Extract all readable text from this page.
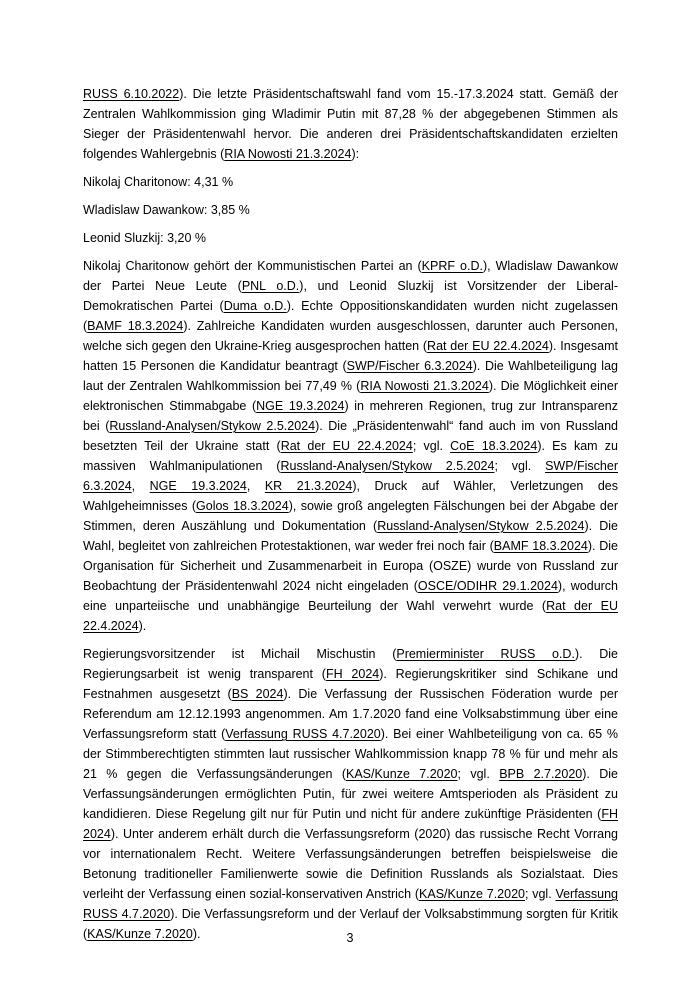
RUSS 6.10.2022). Die letzte Präsidentschaftswahl fand vom 15.-17.3.2024 statt. Gemäß der Zentralen Wahlkommission ging Wladimir Putin mit 87,28 % der abgegebenen Stimmen als Sieger der Präsidentenwahl hervor. Die anderen drei Präsidentschaftskandidaten erzielten folgendes Wahlergebnis (RIA Nowosti 21.3.2024):

Nikolaj Charitonow: 4,31 %

Wladislaw Dawankow: 3,85 %

Leonid Sluzkij: 3,20 %

Nikolaj Charitonow gehört der Kommunistischen Partei an (KPRF o.D.), Wladislaw Dawankow der Partei Neue Leute (PNL o.D.), und Leonid Sluzkij ist Vorsitzender der Liberal-Demokratischen Partei (Duma o.D.). Echte Oppositionskandidaten wurden nicht zugelassen (BAMF 18.3.2024). Zahlreiche Kandidaten wurden ausgeschlossen, darunter auch Personen, welche sich gegen den Ukraine-Krieg ausgesprochen hatten (Rat der EU 22.4.2024). Insgesamt hatten 15 Personen die Kandidatur beantragt (SWP/Fischer 6.3.2024). Die Wahlbeteiligung lag laut der Zentralen Wahlkommission bei 77,49 % (RIA Nowosti 21.3.2024). Die Möglichkeit einer elektronischen Stimmabgabe (NGE 19.3.2024) in mehreren Regionen, trug zur Intransparenz bei (Russland-Analysen/Stykow 2.5.2024). Die „Präsidentenwahl“ fand auch im von Russland besetzten Teil der Ukraine statt (Rat der EU 22.4.2024; vgl. CoE 18.3.2024). Es kam zu massiven Wahlmanipulationen (Russland-Analysen/Stykow 2.5.2024; vgl. SWP/Fischer 6.3.2024, NGE 19.3.2024, KR 21.3.2024), Druck auf Wähler, Verletzungen des Wahlgeheimnisses (Golos 18.3.2024), sowie groß angelegten Fälschungen bei der Abgabe der Stimmen, deren Auszählung und Dokumentation (Russland-Analysen/Stykow 2.5.2024). Die Wahl, begleitet von zahlreichen Protestaktionen, war weder frei noch fair (BAMF 18.3.2024). Die Organisation für Sicherheit und Zusammenarbeit in Europa (OSZE) wurde von Russland zur Beobachtung der Präsidentenwahl 2024 nicht eingeladen (OSCE/ODIHR 29.1.2024), wodurch eine unparteiische und unabhängige Beurteilung der Wahl verwehrt wurde (Rat der EU 22.4.2024).

Regierungsvorsitzender ist Michail Mischustin (Premierminister RUSS o.D.). Die Regierungsarbeit ist wenig transparent (FH 2024). Regierungskritiker sind Schikane und Festnahmen ausgesetzt (BS 2024). Die Verfassung der Russischen Föderation wurde per Referendum am 12.12.1993 angenommen. Am 1.7.2020 fand eine Volksabstimmung über eine Verfassungsreform statt (Verfassung RUSS 4.7.2020). Bei einer Wahlbeteiligung von ca. 65 % der Stimmberechtigten stimmten laut russischer Wahlkommission knapp 78 % für und mehr als 21 % gegen die Verfassungsänderungen (KAS/Kunze 7.2020; vgl. BPB 2.7.2020). Die Verfassungsänderungen ermöglichten Putin, für zwei weitere Amtsperioden als Präsident zu kandidieren. Diese Regelung gilt nur für Putin und nicht für andere zukünftige Präsidenten (FH 2024). Unter anderem erhält durch die Verfassungsreform (2020) das russische Recht Vorrang vor internationalem Recht. Weitere Verfassungsänderungen betreffen beispielsweise die Betonung traditioneller Familienwerte sowie die Definition Russlands als Sozialstaat. Dies verleiht der Verfassung einen sozial-konservativen Anstrich (KAS/Kunze 7.2020; vgl. Verfassung RUSS 4.7.2020). Die Verfassungsreform und der Verlauf der Volksabstimmung sorgten für Kritik (KAS/Kunze 7.2020).	3
